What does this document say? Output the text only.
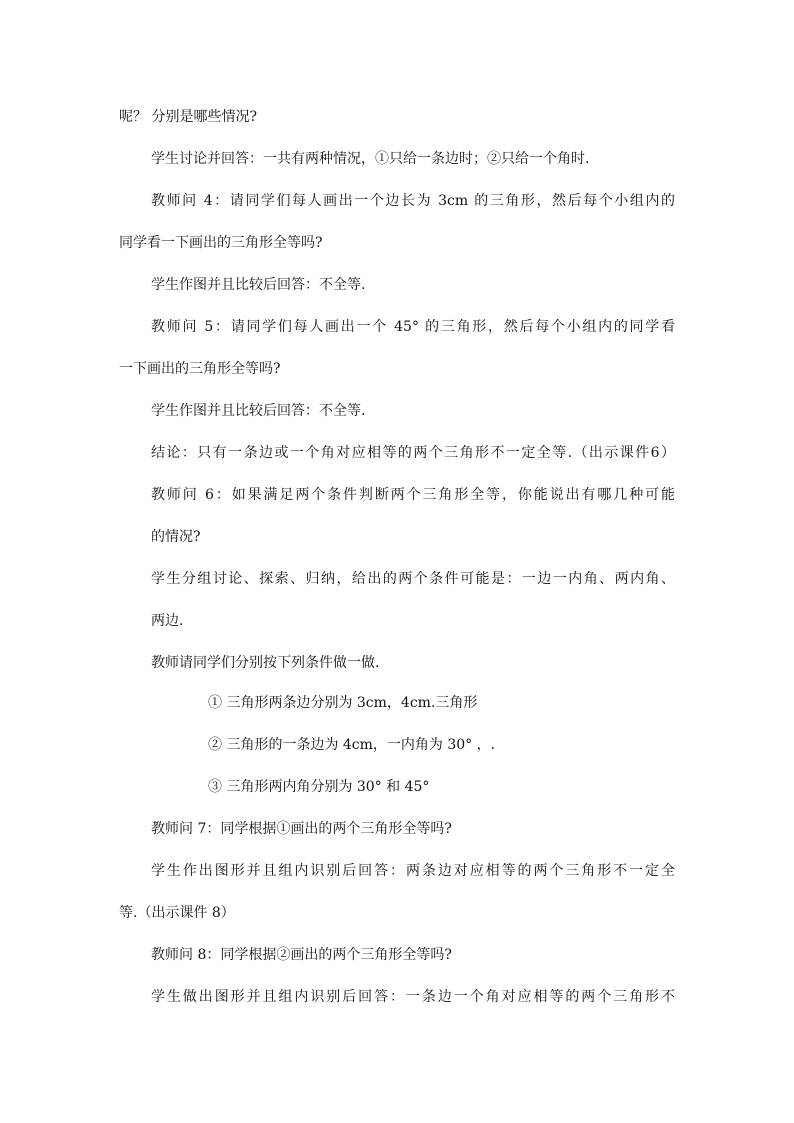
呢？ 分别是哪些情况?
学生讨论并回答：一共有两种情况，①只给一条边时；②只给一个角时.
教师问 4：请同学们每人画出一个边长为 3cm 的三角形，然后每个小组内的
同学看一下画出的三角形全等吗?
学生作图并且比较后回答：不全等.
教师问 5：请同学们每人画出一个 45° 的三角形，然后每个小组内的同学看
一下画出的三角形全等吗?
学生作图并且比较后回答：不全等.
结论：只有一条边或一个角对应相等的两个三角形不一定全等.（出示课件6）
教师问 6：如果满足两个条件判断两个三角形全等，你能说出有哪几种可能
的情况?
学生分组讨论、探索、归纳，给出的两个条件可能是：一边一内角、两内角、
两边.
教师请同学们分别按下列条件做一做.
① 三角形两条边分别为 3cm，4cm.三角形
② 三角形的一条边为 4cm，一内角为 30° ，.
③ 三角形两内角分别为 30° 和 45°
教师问 7：同学根据①画出的两个三角形全等吗?
学生作出图形并且组内识别后回答：两条边对应相等的两个三角形不一定全
等.（出示课件 8）
教师问 8：同学根据②画出的两个三角形全等吗?
学生做出图形并且组内识别后回答：一条边一个角对应相等的两个三角形不
